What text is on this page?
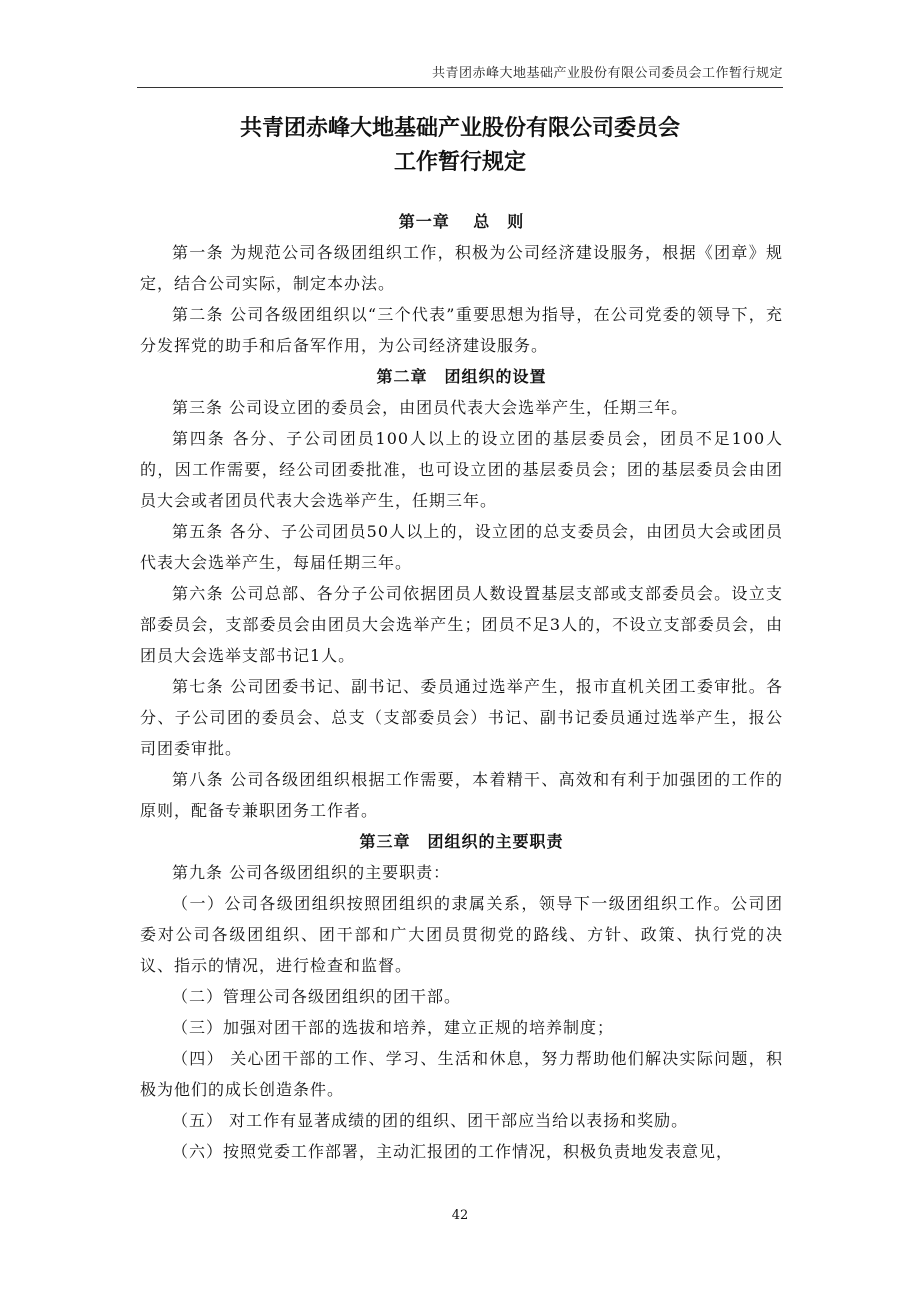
共青团赤峰大地基础产业股份有限公司委员会工作暂行规定
共青团赤峰大地基础产业股份有限公司委员会
工作暂行规定

第一章　 总　则

第一条 为规范公司各级团组织工作，积极为公司经济建设服务，根据《团章》规定，结合公司实际，制定本办法。

第二条 公司各级团组织以“三个代表”重要思想为指导，在公司党委的领导下，充分发挥党的助手和后备军作用，为公司经济建设服务。

第二章　团组织的设置

第三条 公司设立团的委员会，由团员代表大会选举产生，任期三年。

第四条 各分、子公司团员100人以上的设立团的基层委员会，团员不足100人的，因工作需要，经公司团委批准，也可设立团的基层委员会；团的基层委员会由团员大会或者团员代表大会选举产生，任期三年。

第五条 各分、子公司团员50人以上的，设立团的总支委员会，由团员大会或团员代表大会选举产生，每届任期三年。

第六条 公司总部、各分子公司依据团员人数设置基层支部或支部委员会。设立支部委员会，支部委员会由团员大会选举产生；团员不足3人的，不设立支部委员会，由团员大会选举支部书记1人。

第七条 公司团委书记、副书记、委员通过选举产生，报市直机关团工委审批。各分、子公司团的委员会、总支（支部委员会）书记、副书记委员通过选举产生，报公司团委审批。

第八条 公司各级团组织根据工作需要，本着精干、高效和有利于加强团的工作的原则，配备专兼职团务工作者。

第三章　团组织的主要职责

第九条 公司各级团组织的主要职责：

（一）公司各级团组织按照团组织的隶属关系，领导下一级团组织工作。公司团委对公司各级团组织、团干部和广大团员贯彻党的路线、方针、政策、执行党的决议、指示的情况，进行检查和监督。

（二）管理公司各级团组织的团干部。

（三）加强对团干部的选拔和培养，建立正规的培养制度；

（四） 关心团干部的工作、学习、生活和休息，努力帮助他们解决实际问题，积极为他们的成长创造条件。

（五） 对工作有显著成绩的团的组织、团干部应当给以表扬和奖励。

（六）按照党委工作部署，主动汇报团的工作情况，积极负责地发表意见，

42
